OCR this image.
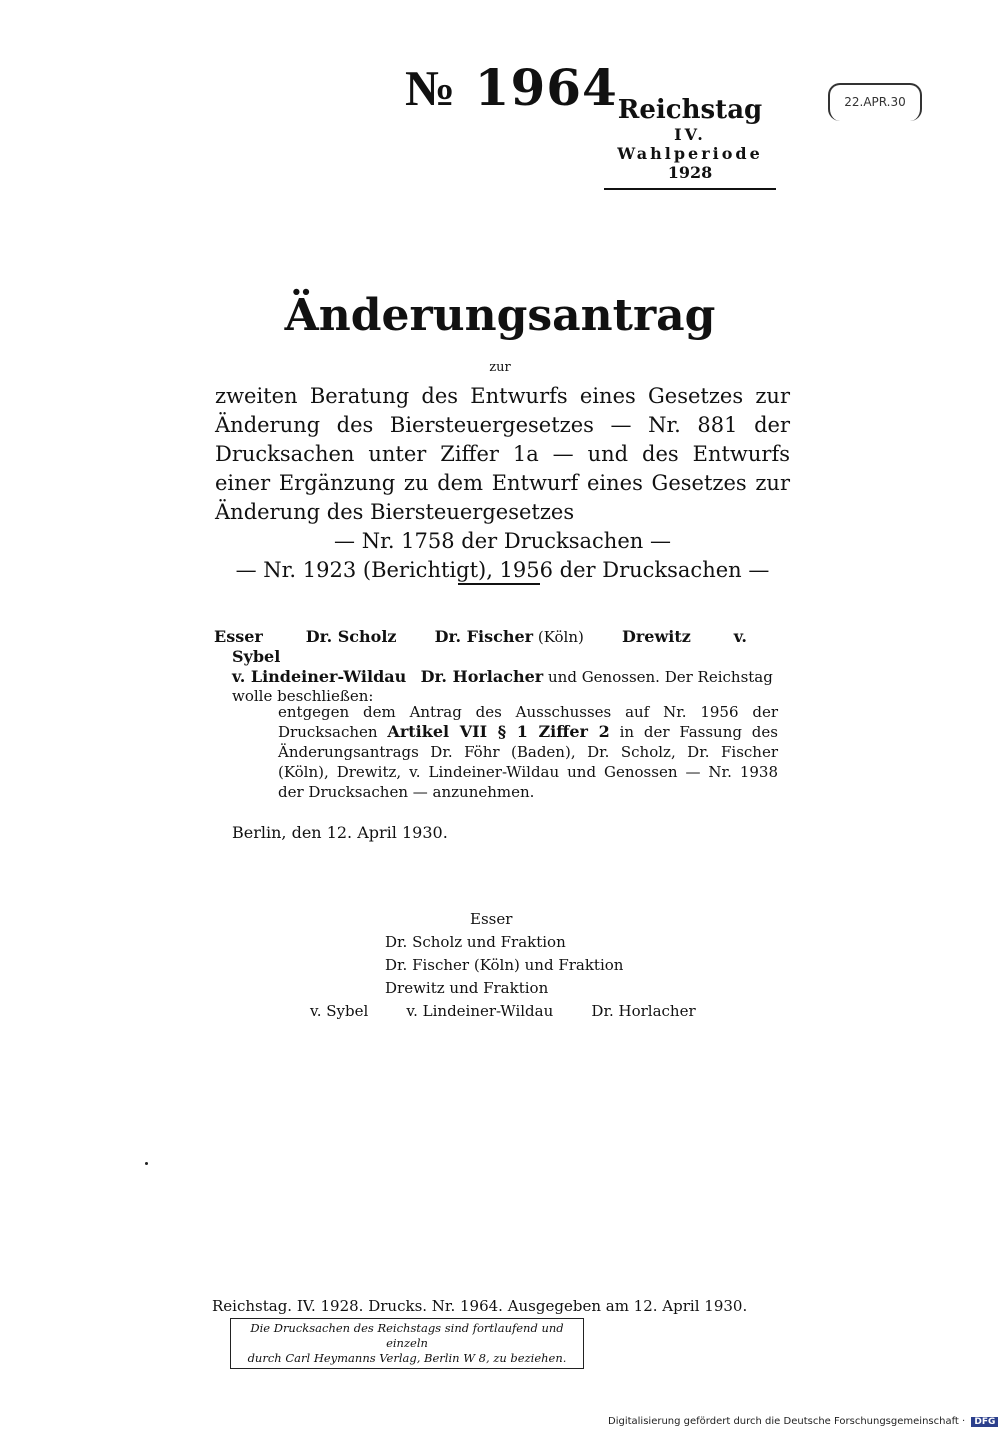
№ 1964 Reichstag
IV. Wahlperiode
1928
22.APR.30
Änderungsantrag
zur
zweiten Beratung des Entwurfs eines Gesetzes zur Änderung des Biersteuergesetzes — Nr. 881 der Drucksachen unter Ziffer 1a — und des Entwurfs einer Ergänzung zu dem Entwurf eines Gesetzes zur Änderung des Biersteuergesetzes
— Nr. 1758 der Drucksachen —
— Nr. 1923 (Berichtigt), 1956 der Drucksachen —
Esser	Dr. Scholz Dr. Fischer (Köln) Drewitz	v. Sybel
v. Lindeiner-Wildau Dr. Horlacher und Genossen. Der Reichstag wolle beschließen:
entgegen dem Antrag des Ausschusses auf Nr. 1956 der Drucksachen Artikel VII § 1 Ziffer 2 in der Fassung des Änderungsantrags Dr. Föhr (Baden), Dr. Scholz, Dr. Fischer (Köln), Drewitz, v. Lindeiner-Wildau und Genossen — Nr. 1938 der Drucksachen — anzunehmen.
Berlin, den 12. April 1930.
Esser
Dr. Scholz und Fraktion
Dr. Fischer (Köln) und Fraktion
Drewitz und Fraktion
v. Sybel	v. Lindeiner-Wildau	Dr. Horlacher
Reichstag. IV. 1928. Drucks. Nr. 1964. Ausgegeben am 12. April 1930.
Die Drucksachen des Reichstags sind fortlaufend und einzeln
durch Carl Heymanns Verlag, Berlin W 8, zu beziehen.
Digitalisierung gefördert durch die Deutsche Forschungsgemeinschaft · DFG
